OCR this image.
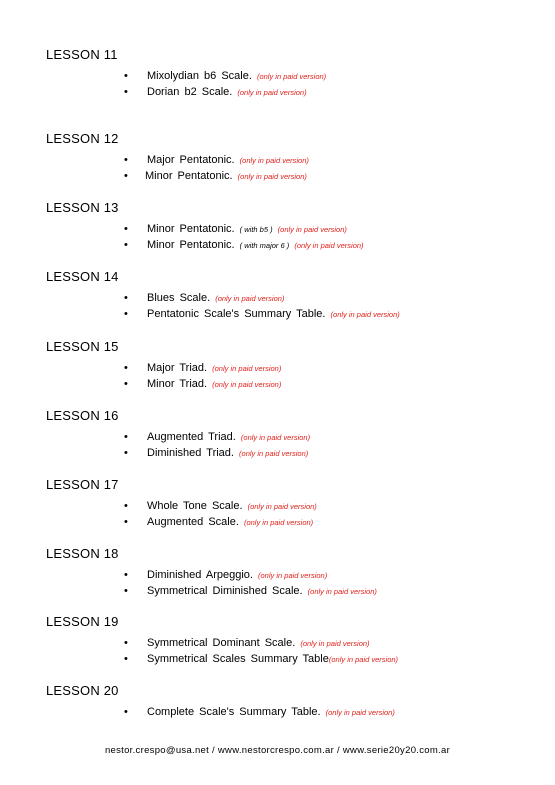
LESSON 11
• Mixolydian b6 Scale. (only in paid version)
• Dorian b2 Scale. (only in paid version)
LESSON 12
• Major Pentatonic. (only in paid version)
• Minor Pentatonic. (only in paid version)
LESSON 13
• Minor Pentatonic. ( with b5 ) (only in paid version)
• Minor Pentatonic. ( with major 6 ) (only in paid version)
LESSON 14
• Blues Scale. (only in paid version)
• Pentatonic Scale's Summary Table. (only in paid version)
LESSON 15
• Major Triad. (only in paid version)
• Minor Triad. (only in paid version)
LESSON 16
• Augmented Triad. (only in paid version)
• Diminished Triad. (only in paid version)
LESSON 17
• Whole Tone Scale. (only in paid version)
• Augmented Scale. (only in paid version)
LESSON 18
• Diminished Arpeggio. (only in paid version)
• Symmetrical Diminished Scale. (only in paid version)
LESSON 19
• Symmetrical Dominant Scale. (only in paid version)
• Symmetrical Scales Summary Table(only in paid version)
LESSON 20
• Complete Scale's Summary Table. (only in paid version)
nestor.crespo@usa.net / www.nestorcrespo.com.ar / www.serie20y20.com.ar
